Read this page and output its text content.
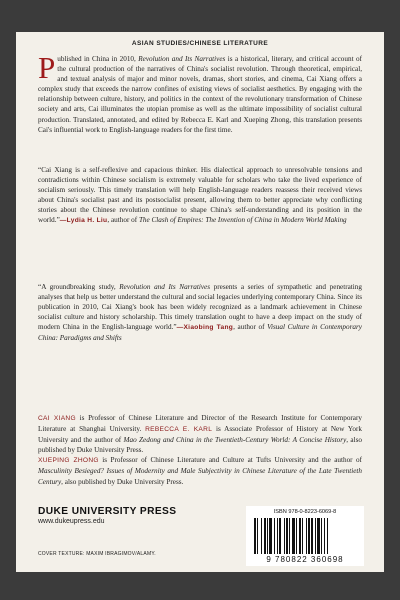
ASIAN STUDIES/CHINESE LITERATURE
Published in China in 2010, Revolution and Its Narratives is a historical, literary, and critical account of the cultural production of the narratives of China's socialist revolution. Through theoretical, empirical, and textual analysis of major and minor novels, dramas, short stories, and cinema, Cai Xiang offers a complex study that exceeds the narrow confines of existing views of socialist aesthetics. By engaging with the relationship between culture, history, and politics in the context of the revolutionary transformation of Chinese society and arts, Cai illuminates the utopian promise as well as the ultimate impossibility of socialist cultural production. Translated, annotated, and edited by Rebecca E. Karl and Xueping Zhong, this translation presents Cai's influential work to English-language readers for the first time.
“Cai Xiang is a self-reflexive and capacious thinker. His dialectical approach to unresolvable tensions and contradictions within Chinese socialism is extremely valuable for scholars who take the lived experience of socialism seriously. This timely translation will help English-language readers reassess their received views about China's socialist past and its postsocialist present, allowing them to better appreciate why conflicting stories about the Chinese revolution continue to shape China's self-understanding and its position in the world.”—Lydia H. Liu, author of The Clash of Empires: The Invention of China in Modern World Making
“A groundbreaking study, Revolution and Its Narratives presents a series of sympathetic and penetrating analyses that help us better understand the cultural and social legacies underlying contemporary China. Since its publication in 2010, Cai Xiang's book has been widely recognized as a landmark achievement in Chinese socialist culture and history scholarship. This timely translation ought to have a deep impact on the study of modern China in the English-language world.”—Xiaobing Tang, author of Visual Culture in Contemporary China: Paradigms and Shifts
CAI XIANG is Professor of Chinese Literature and Director of the Research Institute for Contemporary Literature at Shanghai University. REBECCA E. KARL is Associate Professor of History at New York University and the author of Mao Zedong and China in the Twentieth-Century World: A Concise History, also published by Duke University Press.
XUEPING ZHONG is Professor of Chinese Literature and Culture at Tufts University and the author of Masculinity Besieged? Issues of Modernity and Male Subjectivity in Chinese Literature of the Late Twentieth Century, also published by Duke University Press.
DUKE UNIVERSITY PRESS
www.dukeupress.edu
COVER TEXTURE: MAXIM IBRAGIMOV/ALAMY.
ISBN 978-0-8223-6069-8
9 780822 360698
